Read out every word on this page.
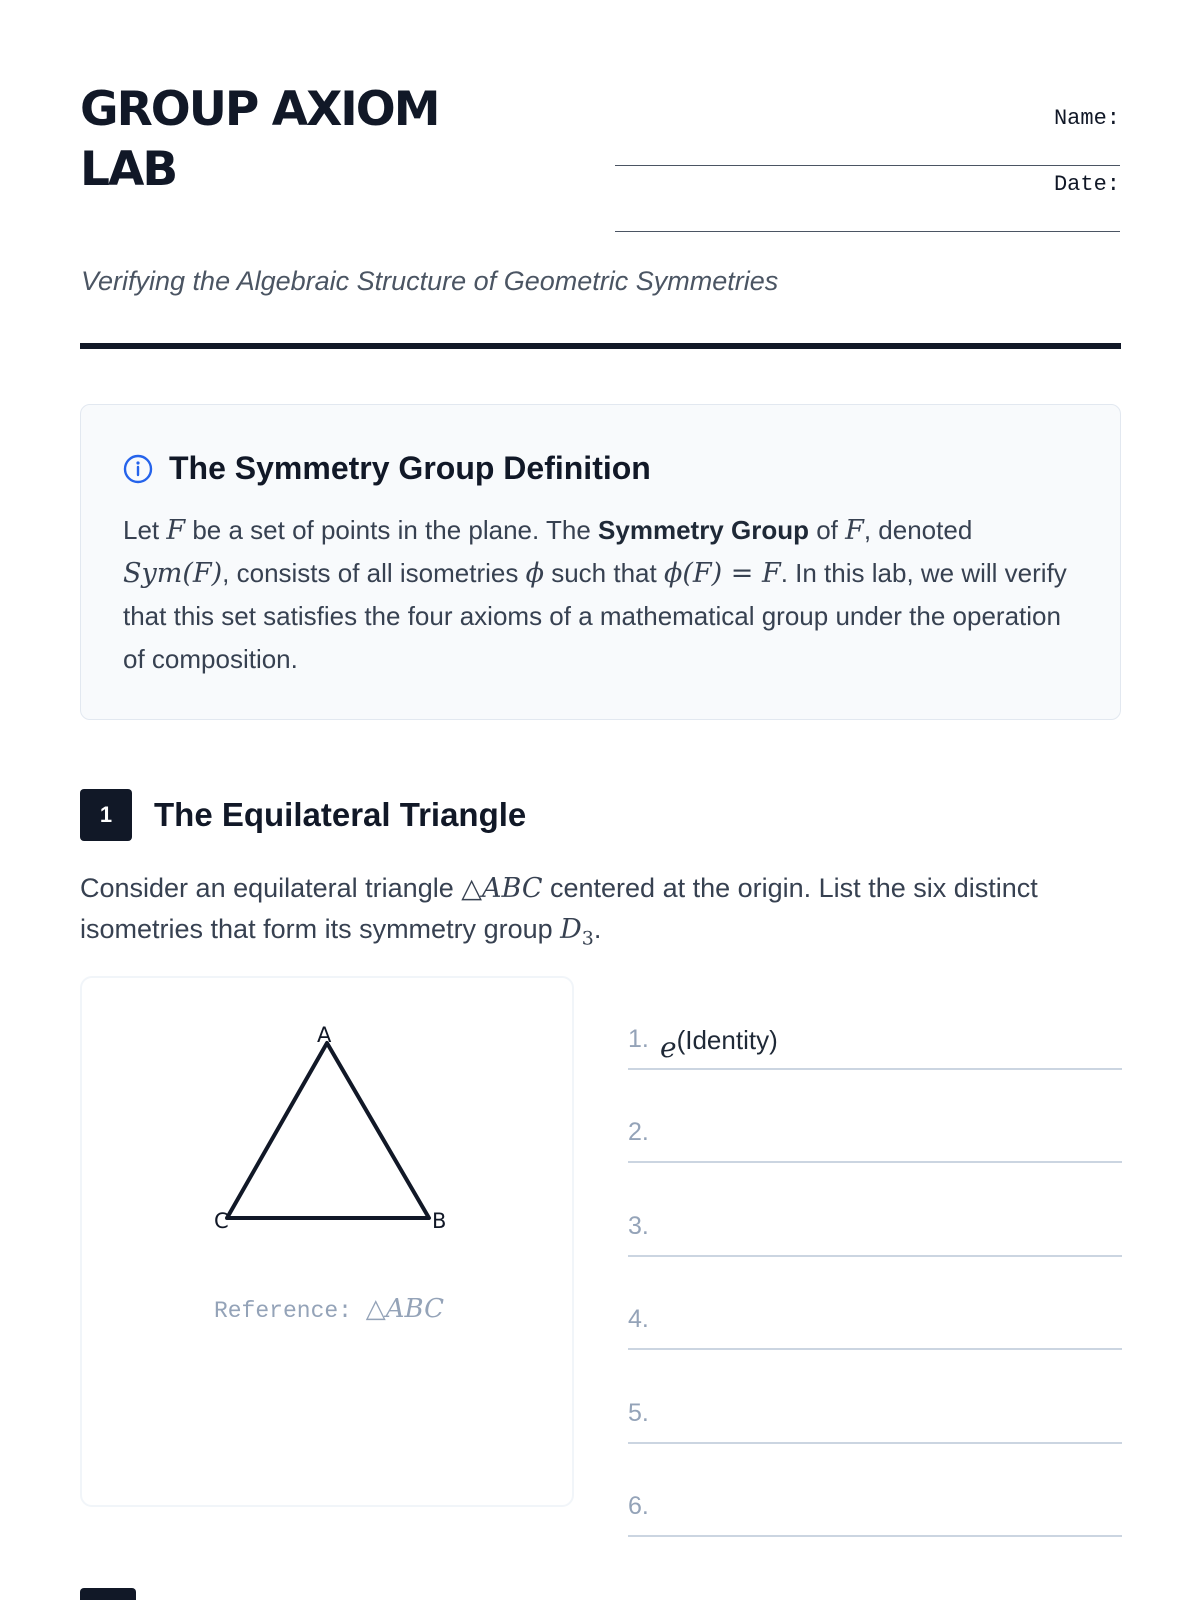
GROUP AXIOM LAB
Name:
Date:
Verifying the Algebraic Structure of Geometric Symmetries
The Symmetry Group Definition

Let F be a set of points in the plane. The Symmetry Group of F, denoted Sym(F), consists of all isometries ϕ such that ϕ(F) = F. In this lab, we will verify that this set satisfies the four axioms of a mathematical group under the operation of composition.

1	The Equilateral Triangle

Consider an equilateral triangle △ABC centered at the origin. List the six distinct isometries that form its symmetry group $D_3$.

A
B
C
Reference: △ABC
1. e(Identity)
2.
3.
4.
5.
6.
